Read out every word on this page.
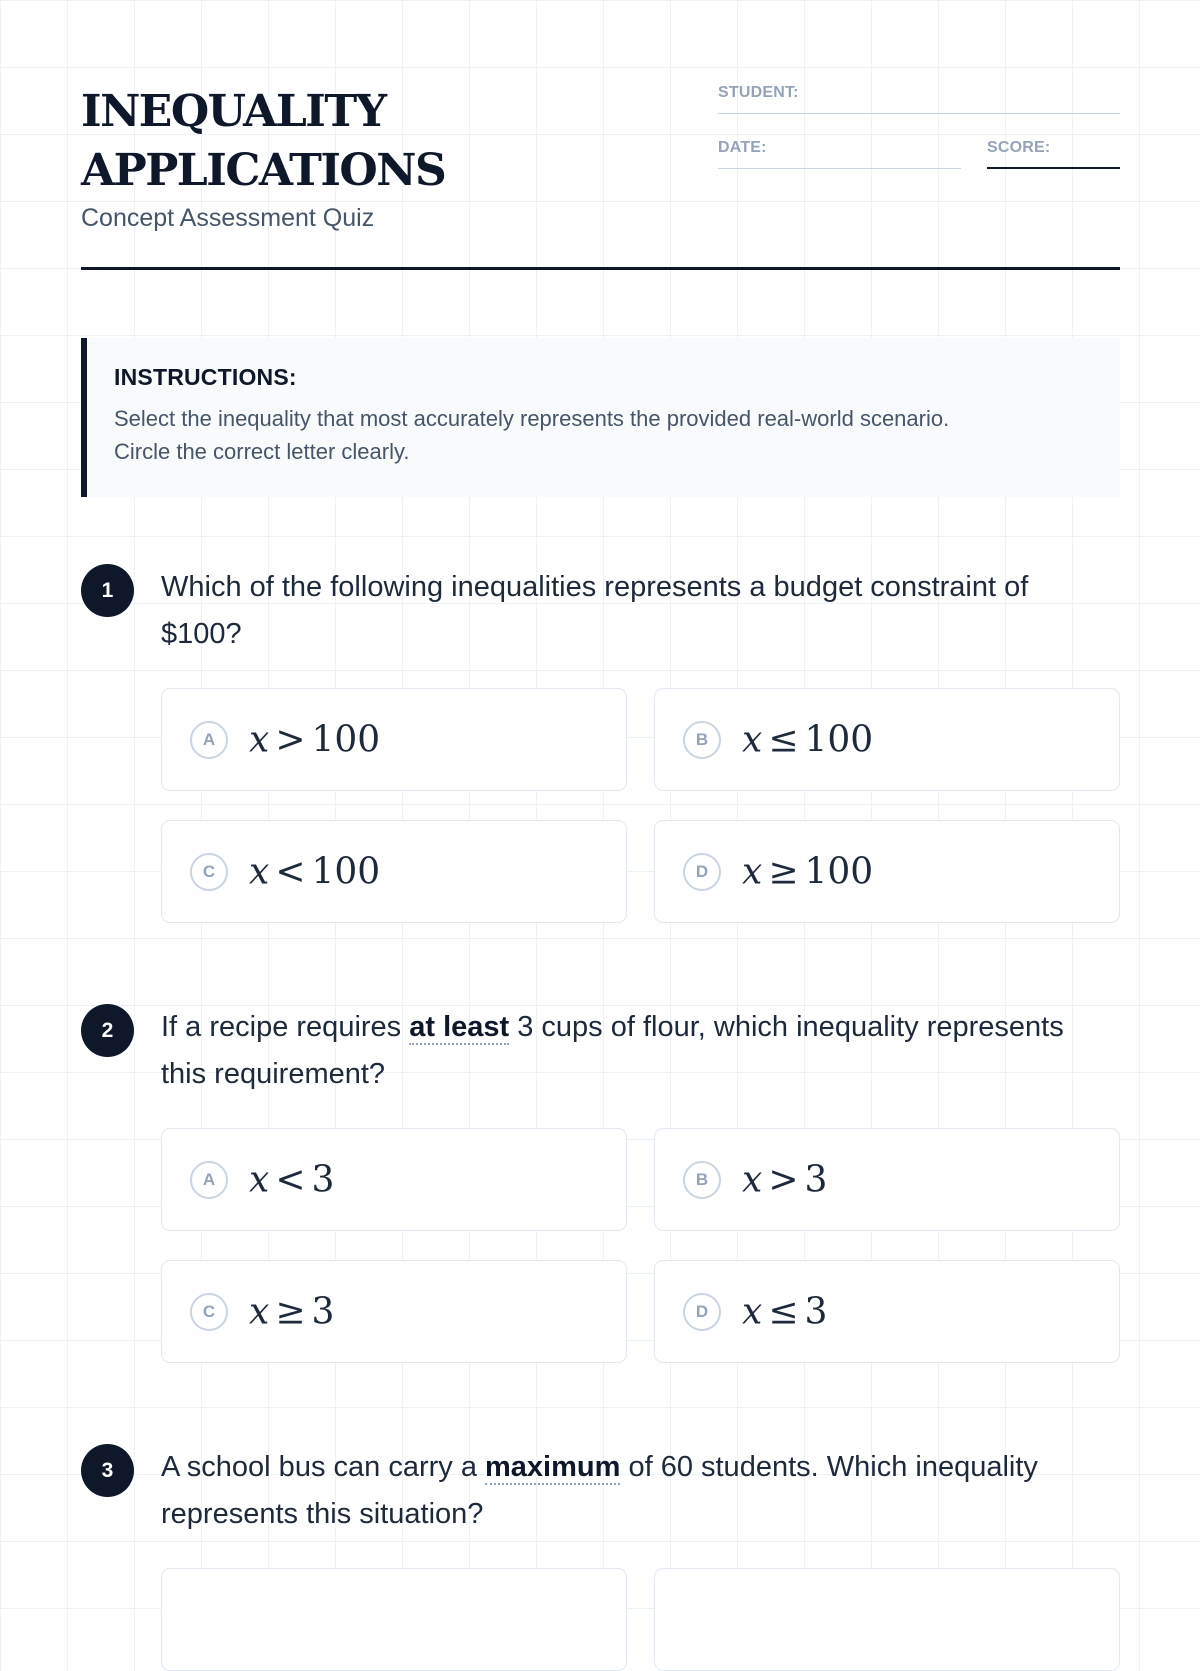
INEQUALITY
APPLICATIONS

Concept Assessment Quiz

STUDENT:
DATE:	SCORE:
INSTRUCTIONS:

Select the inequality that most accurately represents the provided real-world scenario.

Circle the correct letter clearly.

1	Which of the following inequalities represents a budget constraint of $100?

A x > 100	B x ≤ 100
C x < 100	D x ≥ 100
2	If a recipe requires at least 3 cups of flour, which inequality represents this requirement?

A x < 3	B x > 3
C x ≥ 3	D x ≤ 3
3	A school bus can carry a maximum of 60 students. Which inequality represents this situation?
